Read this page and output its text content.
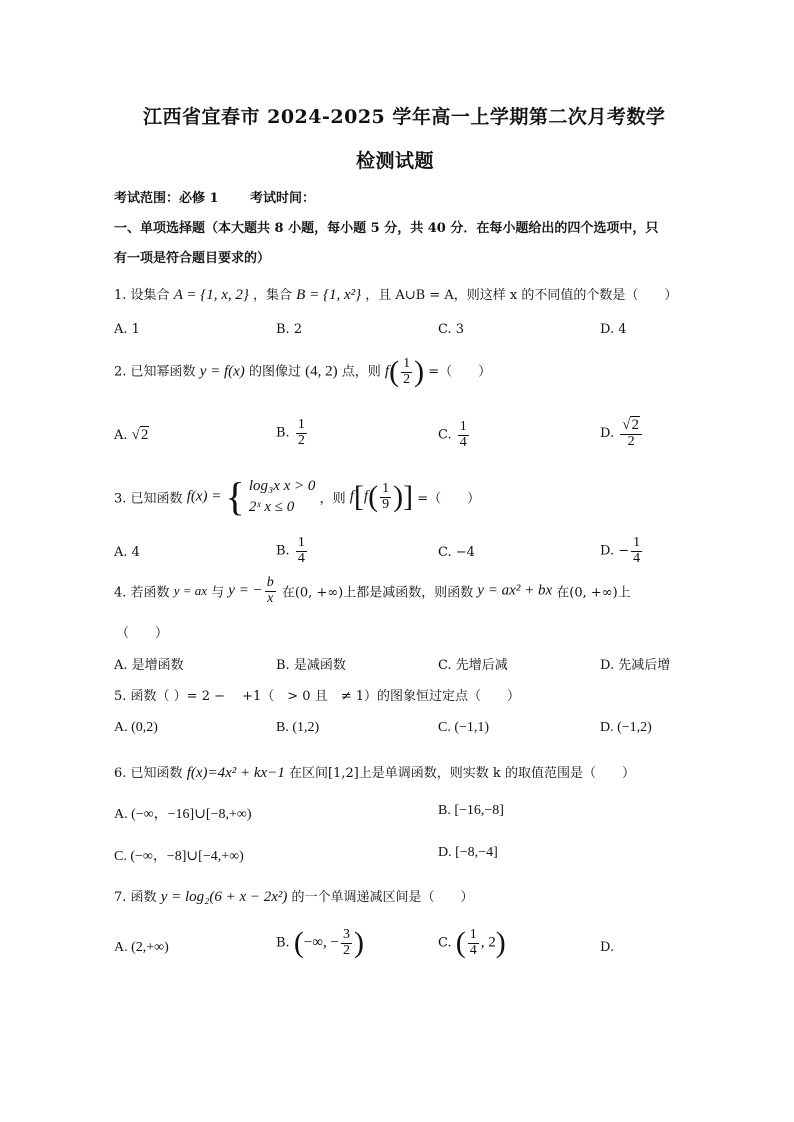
江西省宜春市 2024-2025 学年高一上学期第二次月考数学
检测试题
考试范围：必修 1 考试时间：
一、单项选择题（本大题共 8 小题，每小题 5 分，共 40 分．在每小题给出的四个选项中，只
有一项是符合题目要求的）
1. 设集合 A = {1, x, 2} ，集合 B = {1, x²} ，且 A∪B = A，则这样 x 的不同值的个数是（　　）
A. 1	B. 2	C. 3	D. 4
2. 已知幂函数 y = f(x) 的图像过 (4, 2) 点，则 $f( \frac{1}{2}$ ) =（　　）
A. √2	B. $\frac{1}{2}$	C. $\frac{1}{4}$	D. $\frac{√2}{2}$
3. 已知函数 f(x) = { log₃x x > 0
2ˣ x ≤ 0	，则 $f[f( \frac{1}{9}$ )] =（　　）
A. 4	B. $\frac{1}{4}$	C. −4	D. − $\frac{1}{4}$
4. 若函数 y = ax 与 y = − $\frac{b}{x}$ 在(0, +∞)上都是减函数，则函数 y = ax² + bx 在(0, +∞)上
（　　）
A. 是增函数	B. 是减函数	C. 先增后减	D. 先减后增
5. 函数（ ）= 2 −　 +1（　> 0 且　≠ 1）的图象恒过定点（　　）
A. (0,2)	B. (1,2)	C. (−1,1)	D. (−1,2)
6. 已知函数 f(x)=4x² + kx−1 在区间[1,2]上是单调函数，则实数 k 的取值范围是（　　）
A. (−∞，−16]∪[−8,+∞)	B. [−16,−8]
C. (−∞，−8]∪[−4,+∞)	D. [−8,−4]
7. 函数 y = log₂(6 + x − 2x²) 的一个单调递减区间是（　　）
A. (2,+∞)	B. (−∞, − $\frac{3}{2}$ )	C. ( $\frac{1}{4}$ , 2)	D.
